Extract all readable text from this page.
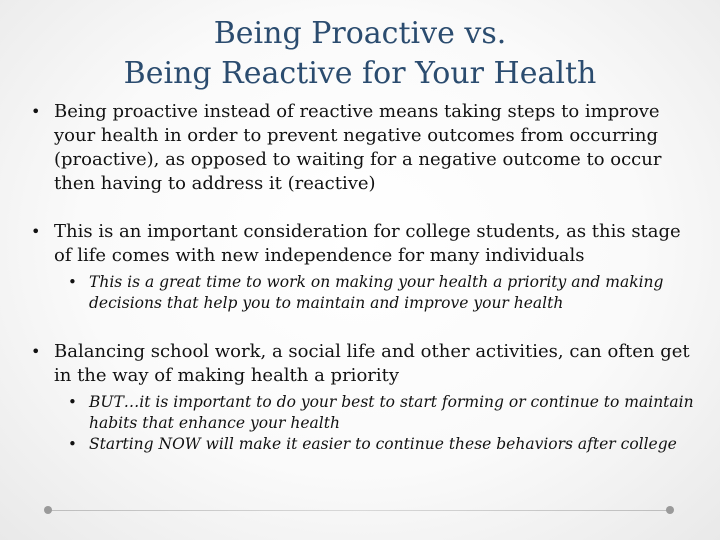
Being Proactive vs.
Being Reactive for Your Health

• Being proactive instead of reactive means taking steps to improve your health in order to prevent negative outcomes from occurring (proactive), as opposed to waiting for a negative outcome to occur then having to address it (reactive)

• This is an important consideration for college students, as this stage of life comes with new independence for many individuals

• This is a great time to work on making your health a priority and making decisions that help you to maintain and improve your health

• Balancing school work, a social life and other activities, can often get in the way of making health a priority

• BUT…it is important to do your best to start forming or continue to maintain habits that enhance your health

• Starting NOW will make it easier to continue these behaviors after college
